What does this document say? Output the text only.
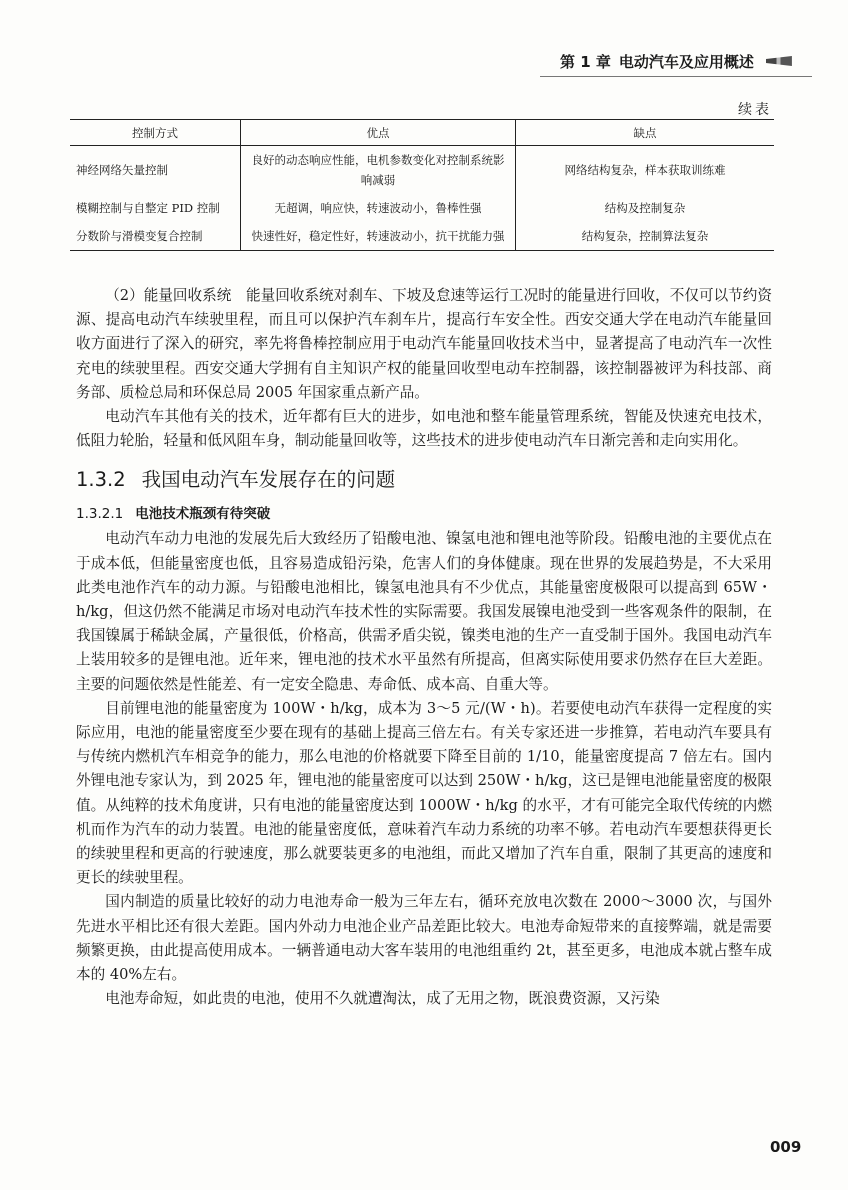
第 1 章 电动汽车及应用概述
续表
控制方式	优点	缺点
神经网络矢量控制	良好的动态响应性能，电机参数变化对控制系统影响减弱	网络结构复杂，样本获取训练难
模糊控制与自整定 PID 控制	无超调，响应快，转速波动小，鲁棒性强	结构及控制复杂
分数阶与滑模变复合控制	快速性好，稳定性好，转速波动小，抗干扰能力强	结构复杂，控制算法复杂

（2）能量回收系统　能量回收系统对刹车、下坡及怠速等运行工况时的能量进行回收，不仅可以节约资源、提高电动汽车续驶里程，而且可以保护汽车刹车片，提高行车安全性。西安交通大学在电动汽车能量回收方面进行了深入的研究，率先将鲁棒控制应用于电动汽车能量回收技术当中，显著提高了电动汽车一次性充电的续驶里程。西安交通大学拥有自主知识产权的能量回收型电动车控制器，该控制器被评为科技部、商务部、质检总局和环保总局 2005 年国家重点新产品。

电动汽车其他有关的技术，近年都有巨大的进步，如电池和整车能量管理系统，智能及快速充电技术，低阻力轮胎，轻量和低风阻车身，制动能量回收等，这些技术的进步使电动汽车日渐完善和走向实用化。

1.3.2 我国电动汽车发展存在的问题
1.3.2.1 电池技术瓶颈有待突破

电动汽车动力电池的发展先后大致经历了铅酸电池、镍氢电池和锂电池等阶段。铅酸电池的主要优点在于成本低，但能量密度也低，且容易造成铅污染，危害人们的身体健康。现在世界的发展趋势是，不大采用此类电池作汽车的动力源。与铅酸电池相比，镍氢电池具有不少优点，其能量密度极限可以提高到 65W・h/kg，但这仍然不能满足市场对电动汽车技术性的实际需要。我国发展镍电池受到一些客观条件的限制，在我国镍属于稀缺金属，产量很低，价格高，供需矛盾尖锐，镍类电池的生产一直受制于国外。我国电动汽车上装用较多的是锂电池。近年来，锂电池的技术水平虽然有所提高，但离实际使用要求仍然存在巨大差距。主要的问题依然是性能差、有一定安全隐患、寿命低、成本高、自重大等。

目前锂电池的能量密度为 100W・h/kg，成本为 3～5 元/(W・h)。若要使电动汽车获得一定程度的实际应用，电池的能量密度至少要在现有的基础上提高三倍左右。有关专家还进一步推算，若电动汽车要具有与传统内燃机汽车相竞争的能力，那么电池的价格就要下降至目前的 1/10，能量密度提高 7 倍左右。国内外锂电池专家认为，到 2025 年，锂电池的能量密度可以达到 250W・h/kg，这已是锂电池能量密度的极限值。从纯粹的技术角度讲，只有电池的能量密度达到 1000W・h/kg 的水平，才有可能完全取代传统的内燃机而作为汽车的动力装置。电池的能量密度低，意味着汽车动力系统的功率不够。若电动汽车要想获得更长的续驶里程和更高的行驶速度，那么就要装更多的电池组，而此又增加了汽车自重，限制了其更高的速度和更长的续驶里程。

国内制造的质量比较好的动力电池寿命一般为三年左右，循环充放电次数在 2000～3000 次，与国外先进水平相比还有很大差距。国内外动力电池企业产品差距比较大。电池寿命短带来的直接弊端，就是需要频繁更换，由此提高使用成本。一辆普通电动大客车装用的电池组重约 2t，甚至更多，电池成本就占整车成本的 40%左右。

电池寿命短，如此贵的电池，使用不久就遭淘汰，成了无用之物，既浪费资源，又污染

009
